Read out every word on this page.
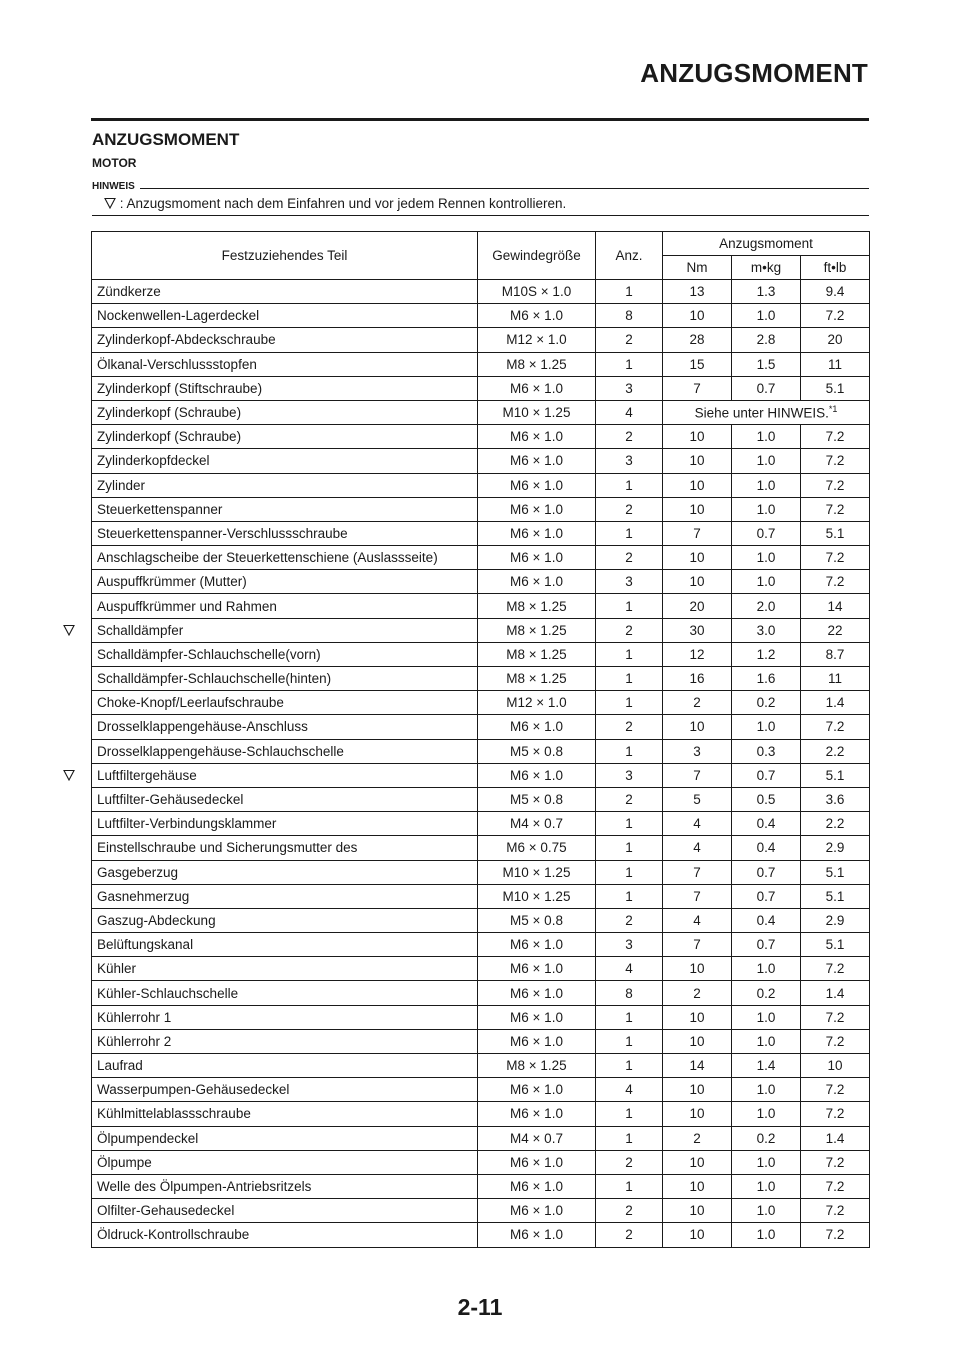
ANZUGSMOMENT
ANZUGSMOMENT
MOTOR
HINWEIS
: Anzugsmoment nach dem Einfahren und vor jedem Rennen kontrollieren.
Festzuziehendes Teil	Gewindegröße	Anz.	Anzugsmoment		
			Nm	m•kg	ft•lb
Zündkerze	M10S × 1.0	1	13	1.3	9.4
Nockenwellen-Lagerdeckel	M6 × 1.0	8	10	1.0	7.2
Zylinderkopf-Abdeckschraube	M12 × 1.0	2	28	2.8	20
Ölkanal-Verschlussstopfen	M8 × 1.25	1	15	1.5	11
Zylinderkopf (Stiftschraube)	M6 × 1.0	3	7	0.7	5.1
Zylinderkopf (Schraube)	M10 × 1.25	4	Siehe unter HINWEIS.$^{*1}$
Zylinderkopf (Schraube)	M6 × 1.0	2	10	1.0	7.2
Zylinderkopfdeckel	M6 × 1.0	3	10	1.0	7.2
Zylinder	M6 × 1.0	1	10	1.0	7.2
Steuerkettenspanner	M6 × 1.0	2	10	1.0	7.2
Steuerkettenspanner-Verschlussschraube	M6 × 1.0	1	7	0.7	5.1
Anschlagscheibe der Steuerkettenschiene (Auslassseite)	M6 × 1.0	2	10	1.0	7.2
Auspuffkrümmer (Mutter)	M6 × 1.0	3	10	1.0	7.2
Auspuffkrümmer und Rahmen	M8 × 1.25	1	20	2.0	14

Schalldämpfer	M8 × 1.25	2	30	3.0	22
Schalldämpfer-Schlauchschelle(vorn)	M8 × 1.25	1	12	1.2	8.7
Schalldämpfer-Schlauchschelle(hinten)	M8 × 1.25	1	16	1.6	11
Choke-Knopf/Leerlaufschraube	M12 × 1.0	1	2	0.2	1.4
Drosselklappengehäuse-Anschluss	M6 × 1.0	2	10	1.0	7.2
Drosselklappengehäuse-Schlauchschelle	M5 × 0.8	1	3	0.3	2.2

Luftfiltergehäuse	M6 × 1.0	3	7	0.7	5.1
Luftfilter-Gehäusedeckel	M5 × 0.8	2	5	0.5	3.6
Luftfilter-Verbindungsklammer	M4 × 0.7	1	4	0.4	2.2
Einstellschraube und Sicherungsmutter des	M6 × 0.75	1	4	0.4	2.9
Gasgeberzug	M10 × 1.25	1	7	0.7	5.1
Gasnehmerzug	M10 × 1.25	1	7	0.7	5.1
Gaszug-Abdeckung	M5 × 0.8	2	4	0.4	2.9
Belüftungskanal	M6 × 1.0	3	7	0.7	5.1
Kühler	M6 × 1.0	4	10	1.0	7.2
Kühler-Schlauchschelle	M6 × 1.0	8	2	0.2	1.4
Kühlerrohr 1	M6 × 1.0	1	10	1.0	7.2
Kühlerrohr 2	M6 × 1.0	1	10	1.0	7.2
Laufrad	M8 × 1.25	1	14	1.4	10
Wasserpumpen-Gehäusedeckel	M6 × 1.0	4	10	1.0	7.2
Kühlmittelablassschraube	M6 × 1.0	1	10	1.0	7.2
Ölpumpendeckel	M4 × 0.7	1	2	0.2	1.4
Ölpumpe	M6 × 1.0	2	10	1.0	7.2
Welle des Ölpumpen-Antriebsritzels	M6 × 1.0	1	10	1.0	7.2
Olfilter-Gehausedeckel	M6 × 1.0	2	10	1.0	7.2
Öldruck-Kontrollschraube	M6 × 1.0	2	10	1.0	7.2
2-11
